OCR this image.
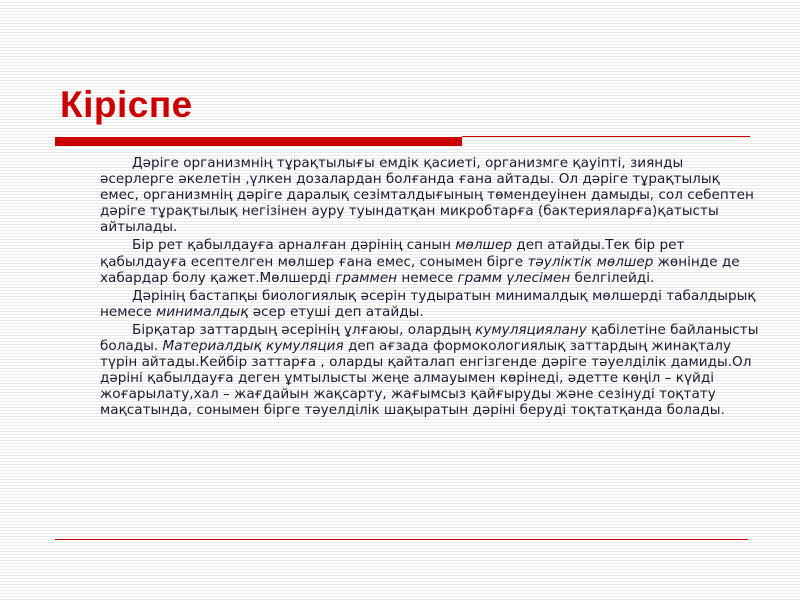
Кіріспе

Дәріге организмнің тұрақтылығы емдік қасиеті, организмге қауіпті, зиянды әсерлерге әкелетін ,үлкен дозалардан болғанда ғана айтады. Ол дәріге тұрақтылық емес, организмнің дәріге даралық сезімталдығының төмендеуінен дамыды, сол себептен дәріге тұрақтылық негізінен ауру туындатқан микробтарға (бактерияларға)қатысты айтылады.

Бір рет қабылдауға арналған дәрінің санын мөлшер деп атайды.Тек бір рет қабылдауға есептелген мөлшер ғана емес, сонымен бірге тәуліктік мөлшер жөнінде де хабардар болу қажет.Мөлшерді граммен немесе грамм үлесімен белгілейді.

Дәрінің бастапқы биологиялық әсерін тудыратын минималдық мөлшерді табалдырық немесе минималдық әсер етуші деп атайды.

Бірқатар заттардың әсерінің ұлғаюы, олардың кумуляциялану қабілетіне байланысты болады. Материалдық кумуляция деп ағзада формокологиялық заттардың жинақталу түрін айтады.Кейбір заттарға , оларды қайталап енгізгенде дәріге тәуелділік дамиды.Ол дәріні қабылдауға деген ұмтылысты жеңе алмауымен көрінеді, әдетте көңіл – күйді жоғарылату,хал – жағдайын жақсарту, жағымсыз қайғыруды және сезінуді тоқтату мақсатында, сонымен бірге тәуелділік шақыратын дәріні беруді тоқтатқанда болады.
